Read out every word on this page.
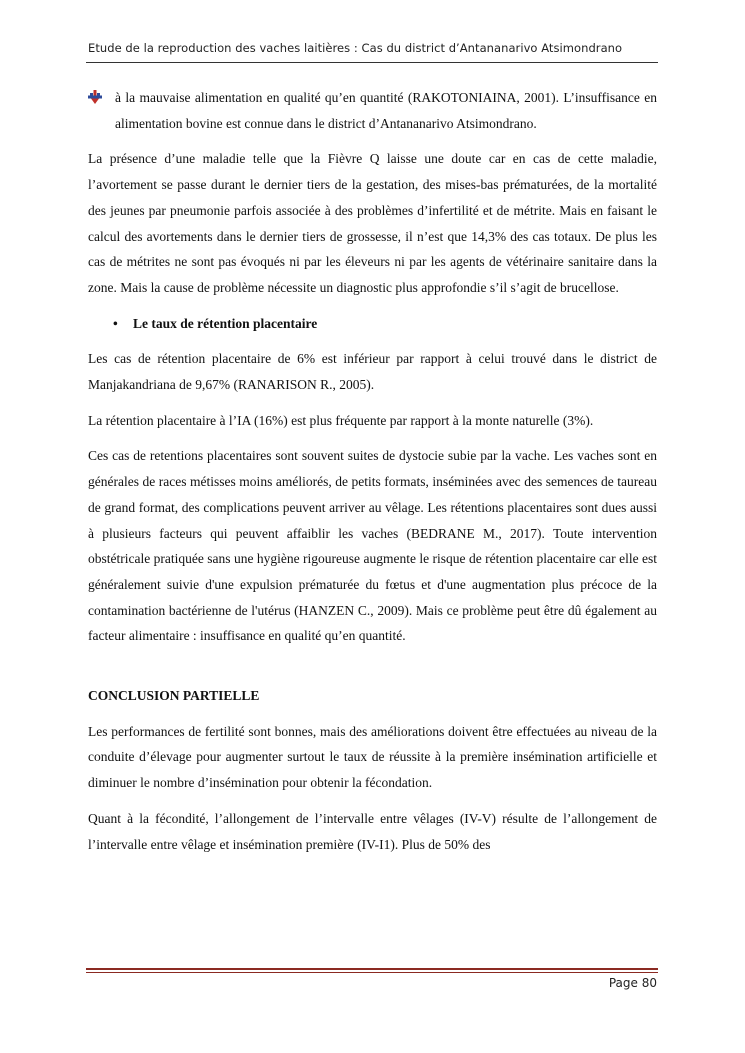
Etude de la reproduction des vaches laitières : Cas du district d’Antananarivo Atsimondrano

à la mauvaise alimentation en qualité qu’en quantité (RAKOTONIAINA, 2001). L’insuffisance en alimentation bovine est connue dans le district d’Antananarivo Atsimondrano.

La présence d’une maladie telle que la Fièvre Q laisse une doute car en cas de cette maladie, l’avortement se passe durant le dernier tiers de la gestation, des mises-bas prématurées, de la mortalité des jeunes par pneumonie parfois associée à des problèmes d’infertilité et de métrite. Mais en faisant le calcul des avortements dans le dernier tiers de grossesse, il n’est que 14,3% des cas totaux. De plus les cas de métrites ne sont pas évoqués ni par les éleveurs ni par les agents de vétérinaire sanitaire dans la zone. Mais la cause de problème nécessite un diagnostic plus approfondie s’il s’agit de brucellose.

• Le taux de rétention placentaire

Les cas de rétention placentaire de 6% est inférieur par rapport à celui trouvé dans le district de Manjakandriana de 9,67% (RANARISON R., 2005).

La rétention placentaire à l’IA (16%) est plus fréquente par rapport à la monte naturelle (3%).

Ces cas de retentions placentaires sont souvent suites de dystocie subie par la vache. Les vaches sont en générales de races métisses moins améliorés, de petits formats, inséminées avec des semences de taureau de grand format, des complications peuvent arriver au vêlage. Les rétentions placentaires sont dues aussi à plusieurs facteurs qui peuvent affaiblir les vaches (BEDRANE M., 2017). Toute intervention obstétricale pratiquée sans une hygiène rigoureuse augmente le risque de rétention placentaire car elle est généralement suivie d'une expulsion prématurée du fœtus et d'une augmentation plus précoce de la contamination bactérienne de l'utérus (HANZEN C., 2009). Mais ce problème peut être dû également au facteur alimentaire : insuffisance en qualité qu’en quantité.

CONCLUSION PARTIELLE

Les performances de fertilité sont bonnes, mais des améliorations doivent être effectuées au niveau de la conduite d’élevage pour augmenter surtout le taux de réussite à la première insémination artificielle et diminuer le nombre d’insémination pour obtenir la fécondation.

Quant à la fécondité, l’allongement de l’intervalle entre vêlages (IV-V) résulte de l’allongement de l’intervalle entre vêlage et insémination première (IV-I1). Plus de 50% des

Page 80
